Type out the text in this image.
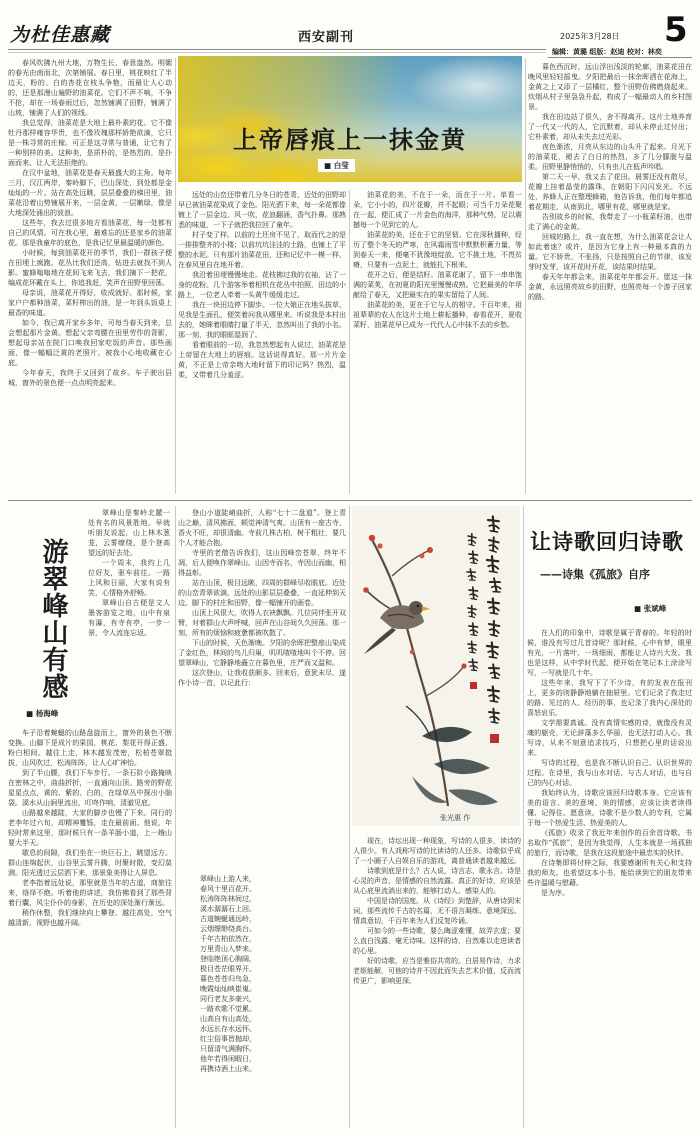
为杜佳惠藏	西安副刊	2025年3月28日 5
编辑：黄璐 组版：赵迪 校对：林奕

春风吹拂九州大地，万物生长，春意盎然。明媚的春光由南而北，次第铺展。春日里，桃花映红了半边天，粉的、白的杏花在枝头争艳，而最让人心动的，还是那漫山遍野的油菜花。它们不声不响，不争不抢，却在一场春雨过后，忽然铺满了田野，铺满了山坡，铺满了人们的视线。

我总觉得，油菜花是大地上最朴素的花。它不像牡丹那样雍容华贵，也不像玫瑰那样娇艳欲滴，它只是一株寻常的庄稼。可正是这寻常与普通，让它有了一种别样的美。这种美，是质朴的，是热烈的，是扑面而来、让人无法拒绝的。

在汉中盆地，油菜花是春天最盛大的主角。每年三月，汉江两岸，秦岭脚下，巴山深处，到处都是金灿灿的一片。站在高处远眺，层层叠叠的梯田里，油菜花沿着山势铺展开来，一层金黄，一层嫩绿，像是大地深处涌出的波浪。

这些年，我去过很多地方看油菜花，每一处都有自己的风情。可在我心里，最难忘的还是家乡的油菜花。那是我童年的底色，是我记忆里最温暖的颜色。

小时候，每到油菜花开的季节，我们一群孩子便在田埂上疯跑。花丛比我们还高，钻进去就找不到人影。蜜蜂嗡嗡地在花间飞来飞去，我们摘下一把花，编成花环戴在头上，你追我赶，笑声在田野里回荡。

母亲说，油菜花开得好，收成就好。那时候，家家户户都种油菜，菜籽榨出的油，是一年到头饭桌上最香的味道。

如今，我已离开家乡多年，可每当春天到来，总会想起那片金黄。想起父亲弯腰在田里劳作的背影，想起母亲站在院门口唤我回家吃饭的声音。那些画面，像一幅幅泛黄的老照片，被我小心地收藏在心底。

今年春天，我终于又回到了故乡。车子驶出县城，窗外的景色便一点点明亮起来。

上帝唇痕上一抹金黄
■ 白莹

远处的山峦还带着几分冬日的苍青，近处的田野却早已被油菜花染成了金色。阳光洒下来，每一朵花都像镀上了一层金边，风一吹，花浪翻涌，香气扑鼻。那熟悉的味道，一下子就把我拉回了童年。

村子变了样。以前的土坯房不见了，取而代之的是一排排整齐的小楼；以前坑坑洼洼的土路，也铺上了平整的水泥。只有那片油菜花田，还和记忆中一模一样，在春风里自在地开着。

我沿着田埂慢慢地走。花枝拂过我的衣袖，沾了一身的花粉。几个游客举着相机在花丛中拍照，田边的小路上，一位老人牵着一头黄牛缓缓走过。

我在一块田边停下脚步。一位大娘正在地头拔草，见我是生面孔，便笑着问我从哪里来。听说我是本村出去的，她眯着眼睛打量了半天，忽然叫出了我的小名。那一刻，我的眼眶湿润了。

看着眼前的一切，我忽然想起有人说过，油菜花是上帝留在大地上的唇痕。这话说得真好。那一片片金黄，不正是上帝亲吻大地时留下的印记吗？热烈，温柔，又带着几分羞涩。

油菜花的美，不在于一朵，而在于一片。单看一朵，它小小的，四片花瓣，并不起眼；可当千万朵花聚在一起，便汇成了一片金色的海洋，那种气势，足以震撼每一个见到它的人。

油菜花的美，还在于它的坚韧。它在深秋播种，经历了整个冬天的严寒，在风霜雨雪中默默积蓄力量，等到春天一来，便毫不犹豫地绽放。它不挑土地，不畏贫瘠，只要有一点泥土，就能扎下根来。

花开之后，便是结籽。油菜花谢了，留下一串串饱满的菜荚，在初夏的阳光里慢慢成熟。它把最美的年华献给了春天，又把最实在的果实留给了人间。

油菜花的美，更在于它与人的相守。千百年来，祖祖辈辈的农人在这片土地上耕耘播种，春看花开，夏收菜籽，油菜花早已成为一代代人心中抹不去的乡愁。

暮色西沉时，远山浮出浅淡的轮廓，油菜花田在晚风里轻轻摇曳。夕阳把最后一抹余晖洒在花海上，金黄之上又添了一层橘红，整个田野仿佛燃烧起来。炊烟从村子里袅袅升起，构成了一幅最动人的乡村图景。

我在田边站了很久，舍不得离开。这片土地养育了一代又一代的人，它沉默着，却从未停止过付出；它朴素着，却从未失去过光彩。

夜色渐浓，月亮从东边的山头升了起来。月光下的油菜花，褪去了白日的热烈，多了几分朦胧与温柔。田野里静悄悄的，只有虫儿在低声吟唱。

第二天一早，我又去了花田。晨雾还没有散尽，花瓣上挂着晶莹的露珠，在朝阳下闪闪发光。不远处，养蜂人正在整理蜂箱，他告诉我，他们每年都追着花期走，从南到北，哪里有花，哪里就是家。

告别故乡的时候，我带走了一小瓶菜籽油，也带走了满心的金黄。

回城的路上，我一直在想，为什么油菜花会让人如此着迷？或许，是因为它身上有一种最本真的力量。它不娇贵，不张扬，只是按照自己的节律，该发芽时发芽，该开花时开花，该结果时结果。

春天年年都会来，油菜花年年都会开。愿这一抹金黄，永远照亮故乡的田野，也照亮每一个游子回家的路。

游翠峰山有感
■ 杨海峰

翠峰山是秦岭北麓一处有名的风景胜地。早就听朋友说起，山上林木葱茏，云雾缭绕，是个登高望远的好去处。

一个周末，我约上几位好友，驱车前往。一路上风和日丽，大家有说有笑，心情格外舒畅。

翠峰山自古便是文人墨客游览之地，山中有泉有瀑，有寺有亭，一步一景，令人流连忘返。

车子沿着蜿蜒的山路盘旋而上，窗外的景色不断变换。山脚下是成片的果园，桃花、梨花开得正盛，粉白相间。越往上走，林木越发茂密，松柏苍翠挺拔，山风吹过，松涛阵阵，让人心旷神怡。

到了半山腰，我们下车步行。一条石阶小路掩映在密林之中，曲曲折折，一直通向山顶。路旁的野花星星点点，黄的、紫的、白的，在绿草丛中探出小脑袋。溪水从山涧里流出，叮咚作响，清澈见底。

山路越来越陡，大家的脚步也慢了下来。同行的老李年过六旬，却精神矍铄，走在最前面。他说，年轻时常来这里，那时候只有一条羊肠小道，上一趟山要大半天。

歇息的间隙，我们坐在一块巨石上，眺望远方。群山连绵起伏，山谷里云雾升腾，时聚时散，变幻莫测。阳光透过云层洒下来，那景象美得让人屏息。

老李指着远处说，那里就是当年的古道，商旅往来，络绎不绝。听着他的讲述，我仿佛看到了那些背着行囊、风尘仆仆的身影，在历史的深处渐行渐远。

稍作休整，我们继续向上攀登。越往高处，空气越清新，视野也越开阔。

登山小道陡峭曲折，人称“七十二盘道”。登上青山之巅，清风拂面，顿觉神清气爽。山顶有一座古寺，香火不旺，却很清幽。寺前几株古柏，树干粗壮，要几个人才能合抱。

寺里的老僧告诉我们，这山因峰峦苍翠，终年不凋，后人便唤作翠峰山。山因寺而名，寺因山而幽，相得益彰。

站在山顶，极目远眺，四周的群峰尽收眼底。近处的山峦青翠欲滴，远处的山影层层叠叠，一直延伸到天边。脚下的村庄和田野，像一幅铺开的画卷。

山顶上风很大，吹得人衣袂飘飘。几位同伴张开双臂，对着群山大声呼喊，回声在山谷间久久回荡。那一刻，所有的烦恼和疲惫都被吹散了。

下山的时候，天色渐晚。夕阳的余晖把整座山染成了金红色，林间的鸟儿归巢，叽叽喳喳地叫个不停。回望翠峰山，它静静地矗立在暮色里，庄严而又温和。

这次登山，让我收获颇多。回来后，意犹未尽，遂作小诗一首，以记此行：

翠峰山上游人来，
春风十里百花开。
松涛阵阵林间过，
溪水潺潺石上回。
古道蜿蜒通远岭，
云烟缥缈绕高台。
千年古柏依然在，
万里青山入梦来。
登临绝顶心胸阔，
极目苍茫眼界开。
暮色苍苍归鸟急，
晚霞灿灿映崔嵬。
同行老友多豪兴，
一路欢歌不觉累。
山高自有山高处，
水远长存水远怀。
红尘俗事皆抛却，
只留清气满胸怀。
他年若得闲暇日，
再携诗酒上山来。
张光惠 作

现在，诗坛出现一种现象，写诗的人很多，读诗的人很少。有人戏称写诗的比读诗的人还多。诗歌似乎成了一小圈子人自娱自乐的游戏，离普通读者越来越远。

诗歌到底是什么？古人说，诗言志，歌永言。诗是心灵的声音，是情感的自然流露。真正的好诗，应该是从心底里流淌出来的，能够打动人、感染人的。

中国是诗的国度。从《诗经》到楚辞，从唐诗到宋词，那些流传千古的名篇，无不语言凝练、意境深远、情真意切，千百年来为人们反复吟诵。

可如今的一些诗歌，要么晦涩难懂，故弄玄虚；要么直白浅露，毫无诗味。这样的诗，自然难以走进读者的心里。

好的诗歌，应当是雅俗共赏的。白居易作诗，力求老妪能解，可他的诗并不因此而失去艺术价值，反而流传更广，影响更深。

让诗歌回归诗歌
——诗集《孤旅》自序
■ 张斌峰

在人们的印象中，诗歌是属于青春的。年轻的时候，谁没有写过几首诗呢？那时候，心中有梦，眼里有光，一片落叶、一场细雨，都能让人诗兴大发。我也是这样，从中学时代起，便开始在笔记本上涂涂写写，一写就是几十年。

这些年来，我写下了不少诗，有的发表在报刊上，更多的则静静地躺在抽屉里。它们记录了我走过的路、见过的人、经历的事，也记录了我内心深处的喜怒哀乐。

文学需要真诚。没有真情实感的诗，就像没有灵魂的躯壳，无论辞藻多么华丽，也无法打动人心。我写诗，从来不刻意追求技巧，只想把心里的话说出来。

写诗的过程，也是我不断认识自己、认识世界的过程。在诗里，我与山水对话，与古人对话，也与自己的内心对话。

我始终认为，诗歌应该回归诗歌本身。它应该有美的语言、美的意境、美的情感，应该让读者读得懂、记得住、愿意读。诗歌不是少数人的专利，它属于每一个热爱生活、热爱美的人。

《孤旅》收录了我近年来创作的百余首诗歌。书名取作“孤旅”，是因为我觉得，人生本就是一场孤独的旅行，而诗歌，是我在这段旅途中最忠实的伙伴。

在诗集即将付梓之际，我要感谢所有关心和支持我的师友。也希望这本小书，能给读到它的朋友带来些许温暖与慰藉。

是为序。
